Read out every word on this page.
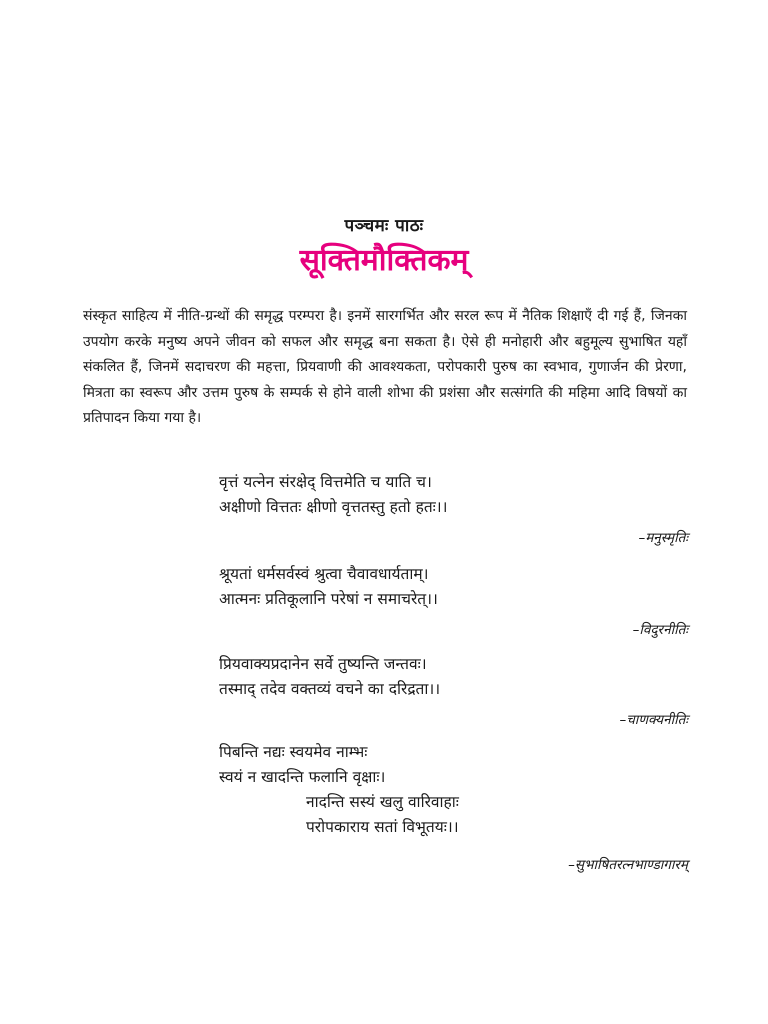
पञ्चमः पाठः
सूक्तिमौक्तिकम्

संस्कृत साहित्य में नीति-ग्रन्थों की समृद्ध परम्परा है। इनमें सारगर्भित और सरल रूप में नैतिक शिक्षाएँ दी गई हैं, जिनका उपयोग करके मनुष्य अपने जीवन को सफल और समृद्ध बना सकता है। ऐसे ही मनोहारी और बहुमूल्य सुभाषित यहाँ संकलित हैं, जिनमें सदाचरण की महत्ता, प्रियवाणी की आवश्यकता, परोपकारी पुरुष का स्वभाव, गुणार्जन की प्रेरणा, मित्रता का स्वरूप और उत्तम पुरुष के सम्पर्क से होने वाली शोभा की प्रशंसा और सत्संगति की महिमा आदि विषयों का प्रतिपादन किया गया है।

वृत्तं यत्नेन संरक्षेद् वित्तमेति च याति च।
अक्षीणो वित्ततः क्षीणो वृत्ततस्तु हतो हतः।।
–मनुस्मृतिः
श्रूयतां धर्मसर्वस्वं श्रुत्वा चैवावधार्यताम्।
आत्मनः प्रतिकूलानि परेषां न समाचरेत्।।
–विदुरनीतिः
प्रियवाक्यप्रदानेन सर्वे तुष्यन्ति जन्तवः।
तस्माद् तदेव वक्तव्यं वचने का दरिद्रता।।
–चाणक्यनीतिः
पिबन्ति नद्यः स्वयमेव नाम्भः
स्वयं न खादन्ति फलानि वृक्षाः।
नादन्ति सस्यं खलु वारिवाहाः
परोपकाराय सतां विभूतयः।।
–सुभाषितरत्नभाण्डागारम्
